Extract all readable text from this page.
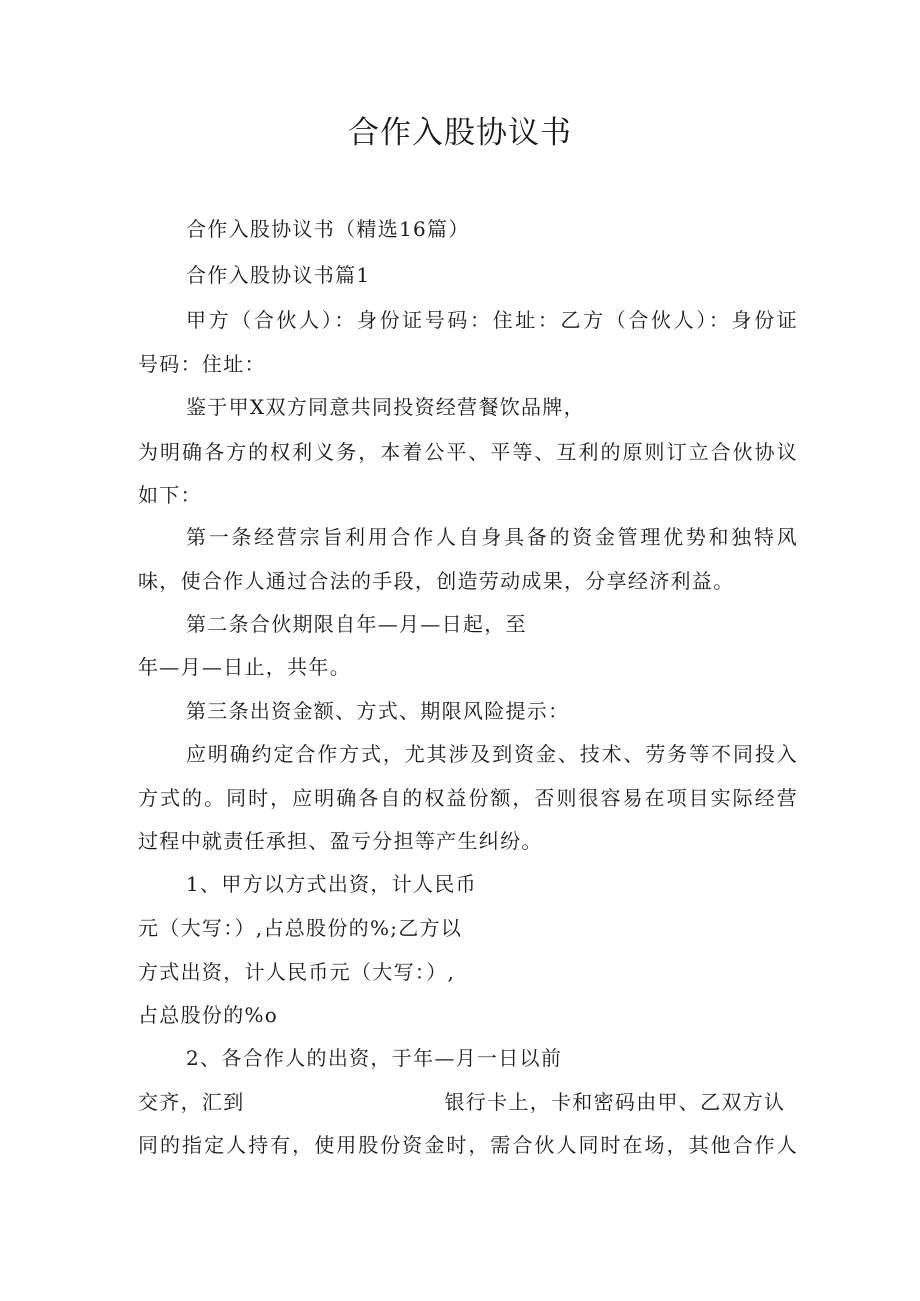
合作入股协议书
合作入股协议书（精选16篇）
合作入股协议书篇1
甲方（合伙人）：身份证号码：住址：乙方（合伙人）：身份证
号码：住址：
鉴于甲X双方同意共同投资经营餐饮品牌，
为明确各方的权利义务，本着公平、平等、互利的原则订立合伙协议
如下：
第一条经营宗旨利用合作人自身具备的资金管理优势和独特风
味，使合作人通过合法的手段，创造劳动成果，分享经济利益。
第二条合伙期限自年—月—日起，至
年—月—日止，共年。
第三条出资金额、方式、期限风险提示：
应明确约定合作方式，尤其涉及到资金、技术、劳务等不同投入
方式的。同时，应明确各自的权益份额，否则很容易在项目实际经营
过程中就责任承担、盈亏分担等产生纠纷。
1、甲方以方式出资，计人民币
元（大写：）,占总股份的%;乙方以
方式出资，计人民币元（大写：）,
占总股份的%o
2、各合作人的出资，于年—月一日以前
交齐，汇到	银行卡上，卡和密码由甲、乙双方认
同的指定人持有，使用股份资金时，需合伙人同时在场，其他合作人
